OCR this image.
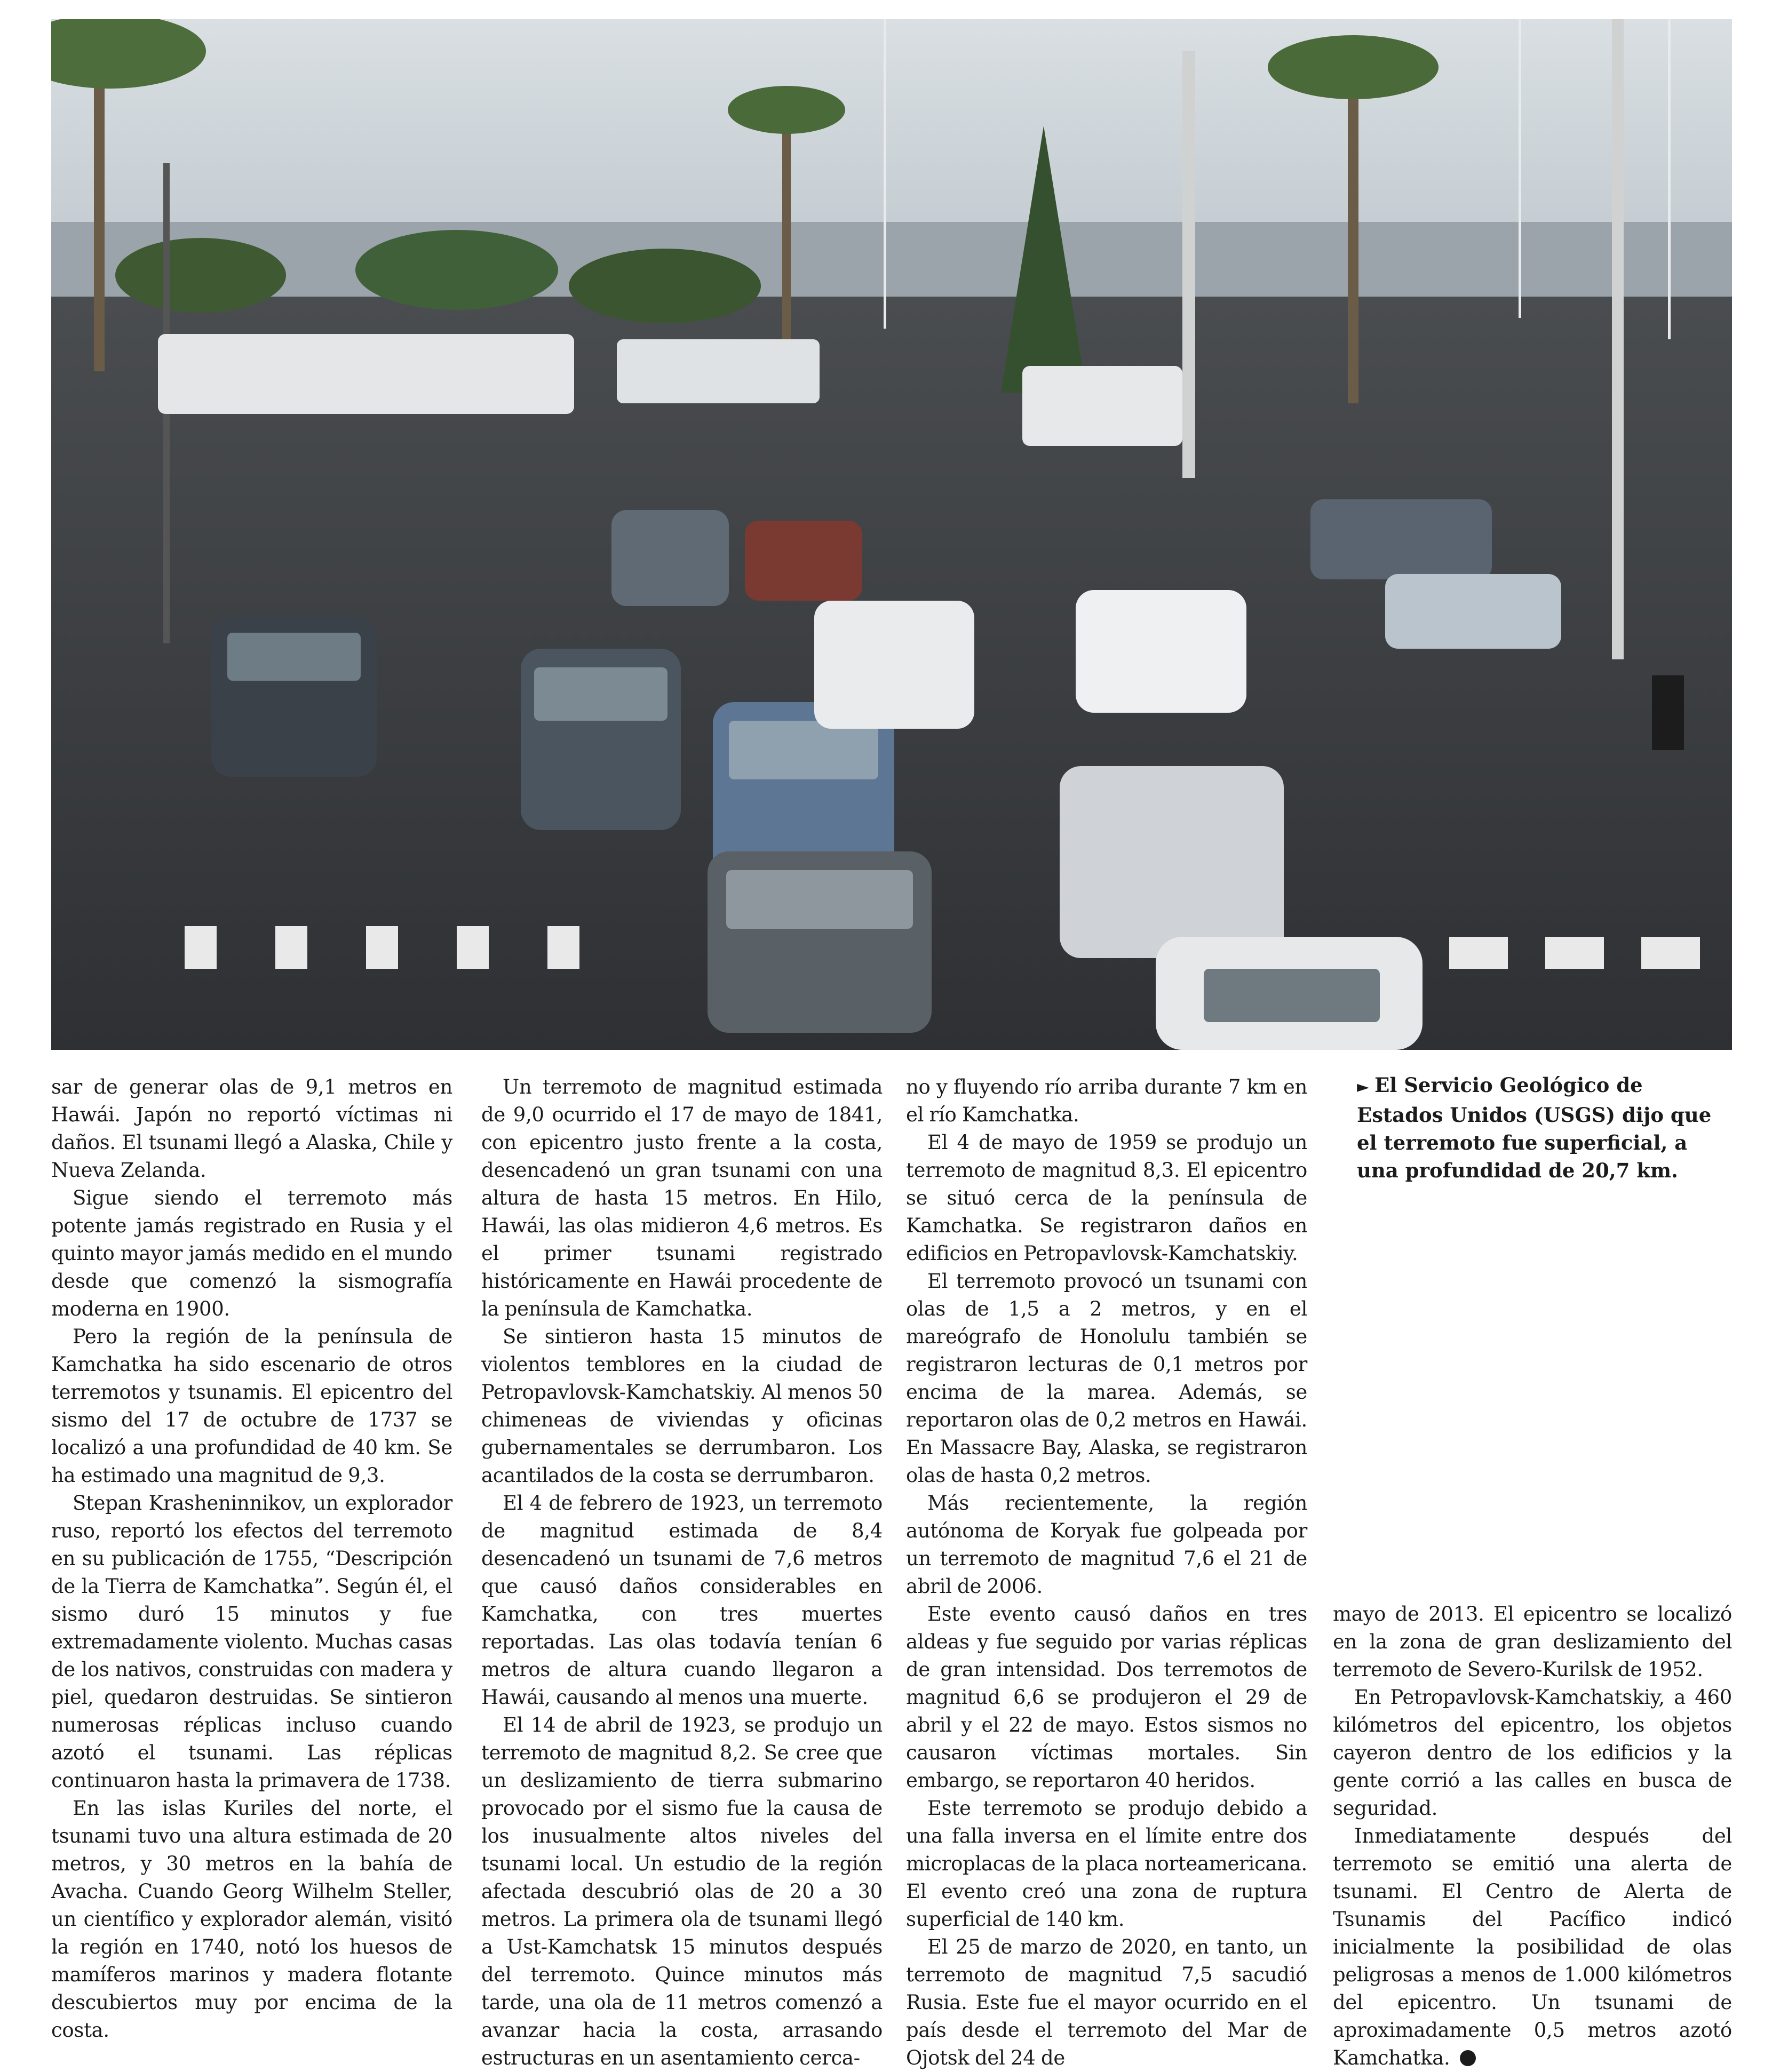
sar de generar olas de 9,1 metros en Hawái. Japón no reportó víctimas ni daños. El tsunami llegó a Alaska, Chile y Nueva Zelanda.

Sigue siendo el terremoto más potente jamás registrado en Rusia y el quinto mayor jamás medido en el mundo desde que comenzó la sismografía moderna en 1900.

Pero la región de la península de Kamchatka ha sido escenario de otros terremotos y tsunamis. El epicentro del sismo del 17 de octubre de 1737 se localizó a una profundidad de 40 km. Se ha estimado una magnitud de 9,3.

Stepan Krasheninnikov, un explorador ruso, reportó los efectos del terremoto en su publicación de 1755, “Descripción de la Tierra de Kamchatka”. Según él, el sismo duró 15 minutos y fue extremadamente violento. Muchas casas de los nativos, construidas con madera y piel, quedaron destruidas. Se sintieron numerosas réplicas incluso cuando azotó el tsunami. Las réplicas continuaron hasta la primavera de 1738.

En las islas Kuriles del norte, el tsunami tuvo una altura estimada de 20 metros, y 30 metros en la bahía de Avacha. Cuando Georg Wilhelm Steller, un científico y explorador alemán, visitó la región en 1740, notó los huesos de mamíferos marinos y madera flotante descubiertos muy por encima de la costa.

Un terremoto de magnitud estimada de 9,0 ocurrido el 17 de mayo de 1841, con epicentro justo frente a la costa, desencadenó un gran tsunami con una altura de hasta 15 metros. En Hilo, Hawái, las olas midieron 4,6 metros. Es el primer tsunami registrado históricamente en Hawái procedente de la península de Kamchatka.

Se sintieron hasta 15 minutos de violentos temblores en la ciudad de Petropavlovsk-Kamchatskiy. Al menos 50 chimeneas de viviendas y oficinas gubernamentales se derrumbaron. Los acantilados de la costa se derrumbaron.

El 4 de febrero de 1923, un terremoto de magnitud estimada de 8,4 desencadenó un tsunami de 7,6 metros que causó daños considerables en Kamchatka, con tres muertes reportadas. Las olas todavía tenían 6 metros de altura cuando llegaron a Hawái, causando al menos una muerte.

El 14 de abril de 1923, se produjo un terremoto de magnitud 8,2. Se cree que un deslizamiento de tierra submarino provocado por el sismo fue la causa de los inusualmente altos niveles del tsunami local. Un estudio de la región afectada descubrió olas de 20 a 30 metros. La primera ola de tsunami llegó a Ust-Kamchatsk 15 minutos después del terremoto. Quince minutos más tarde, una ola de 11 metros comenzó a avanzar hacia la costa, arrasando estructuras en un asentamiento cerca-

no y fluyendo río arriba durante 7 km en el río Kamchatka.

El 4 de mayo de 1959 se produjo un terremoto de magnitud 8,3. El epicentro se situó cerca de la península de Kamchatka. Se registraron daños en edificios en Petropavlovsk-Kamchatskiy.

El terremoto provocó un tsunami con olas de 1,5 a 2 metros, y en el mareógrafo de Honolulu también se registraron lecturas de 0,1 metros por encima de la marea. Además, se reportaron olas de 0,2 metros en Hawái. En Massacre Bay, Alaska, se registraron olas de hasta 0,2 metros.

Más recientemente, la región autónoma de Koryak fue golpeada por un terremoto de magnitud 7,6 el 21 de abril de 2006.

Este evento causó daños en tres aldeas y fue seguido por varias réplicas de gran intensidad. Dos terremotos de magnitud 6,6 se produjeron el 29 de abril y el 22 de mayo. Estos sismos no causaron víctimas mortales. Sin embargo, se reportaron 40 heridos.

Este terremoto se produjo debido a una falla inversa en el límite entre dos microplacas de la placa norteamericana. El evento creó una zona de ruptura superficial de 140 km.

El 25 de marzo de 2020, en tanto, un terremoto de magnitud 7,5 sacudió Rusia. Este fue el mayor ocurrido en el país desde el terremoto del Mar de Ojotsk del 24 de

► El Servicio Geológico de Estados Unidos (USGS) dijo que el terremoto fue superficial, a una profundidad de 20,7 km.

mayo de 2013. El epicentro se localizó en la zona de gran deslizamiento del terremoto de Severo-Kurilsk de 1952.

En Petropavlovsk-Kamchatskiy, a 460 kilómetros del epicentro, los objetos cayeron dentro de los edificios y la gente corrió a las calles en busca de seguridad.

Inmediatamente después del terremoto se emitió una alerta de tsunami. El Centro de Alerta de Tsunamis del Pacífico indicó inicialmente la posibilidad de olas peligrosas a menos de 1.000 kilómetros del epicentro. Un tsunami de aproximadamente 0,5 metros azotó Kamchatka.
